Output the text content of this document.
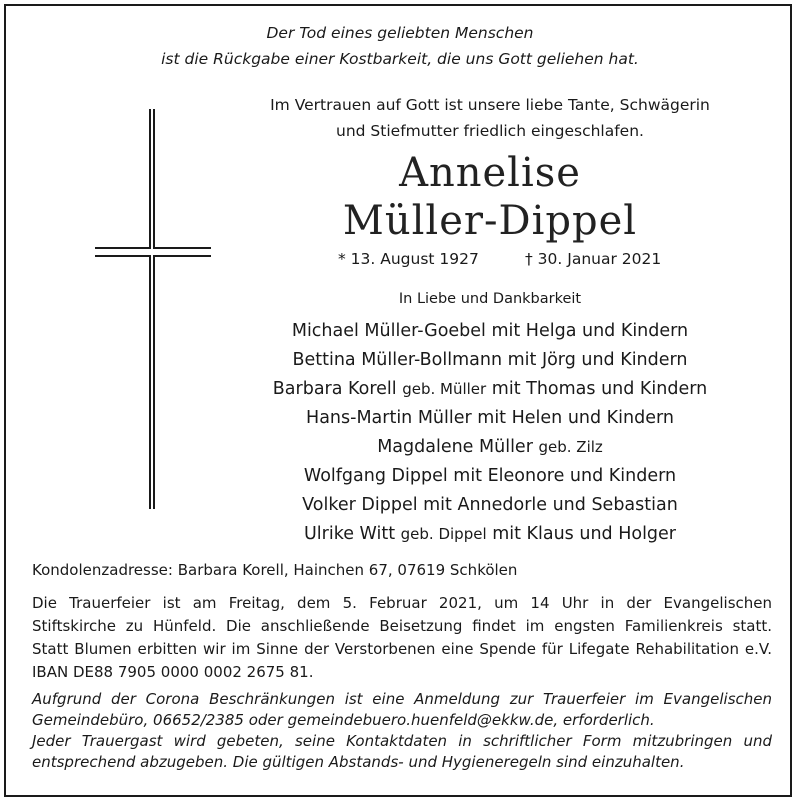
Der Tod eines geliebten Menschen
ist die Rückgabe einer Kostbarkeit, die uns Gott geliehen hat.
Im Vertrauen auf Gott ist unsere liebe Tante, Schwägerin
und Stiefmutter friedlich eingeschlafen.
Annelise
Müller-Dippel
* 13. August 1927	† 30. Januar 2021
In Liebe und Dankbarkeit
Michael Müller-Goebel mit Helga und Kindern
Bettina Müller-Bollmann mit Jörg und Kindern
Barbara Korell geb. Müller mit Thomas und Kindern
Hans-Martin Müller mit Helen und Kindern
Magdalene Müller geb. Zilz
Wolfgang Dippel mit Eleonore und Kindern
Volker Dippel mit Annedorle und Sebastian
Ulrike Witt geb. Dippel mit Klaus und Holger
Kondolenzadresse: Barbara Korell, Hainchen 67, 07619 Schkölen

Die Trauerfeier ist am Freitag, dem 5. Februar 2021, um 14 Uhr in der Evangelischen
Stiftskirche zu Hünfeld. Die anschließende Beisetzung findet im engsten Familienkreis statt.
Statt Blumen erbitten wir im Sinne der Verstorbenen eine Spende für Lifegate Rehabilitation e.V.
IBAN DE88 7905 0000 0002 2675 81.

Aufgrund der Corona Beschränkungen ist eine Anmeldung zur Trauerfeier im Evangelischen
Gemeindebüro, 06652/2385 oder gemeindebuero.huenfeld@ekkw.de, erforderlich.
Jeder Trauergast wird gebeten, seine Kontaktdaten in schriftlicher Form mitzubringen und
entsprechend abzugeben. Die gültigen Abstands- und Hygieneregeln sind einzuhalten.
